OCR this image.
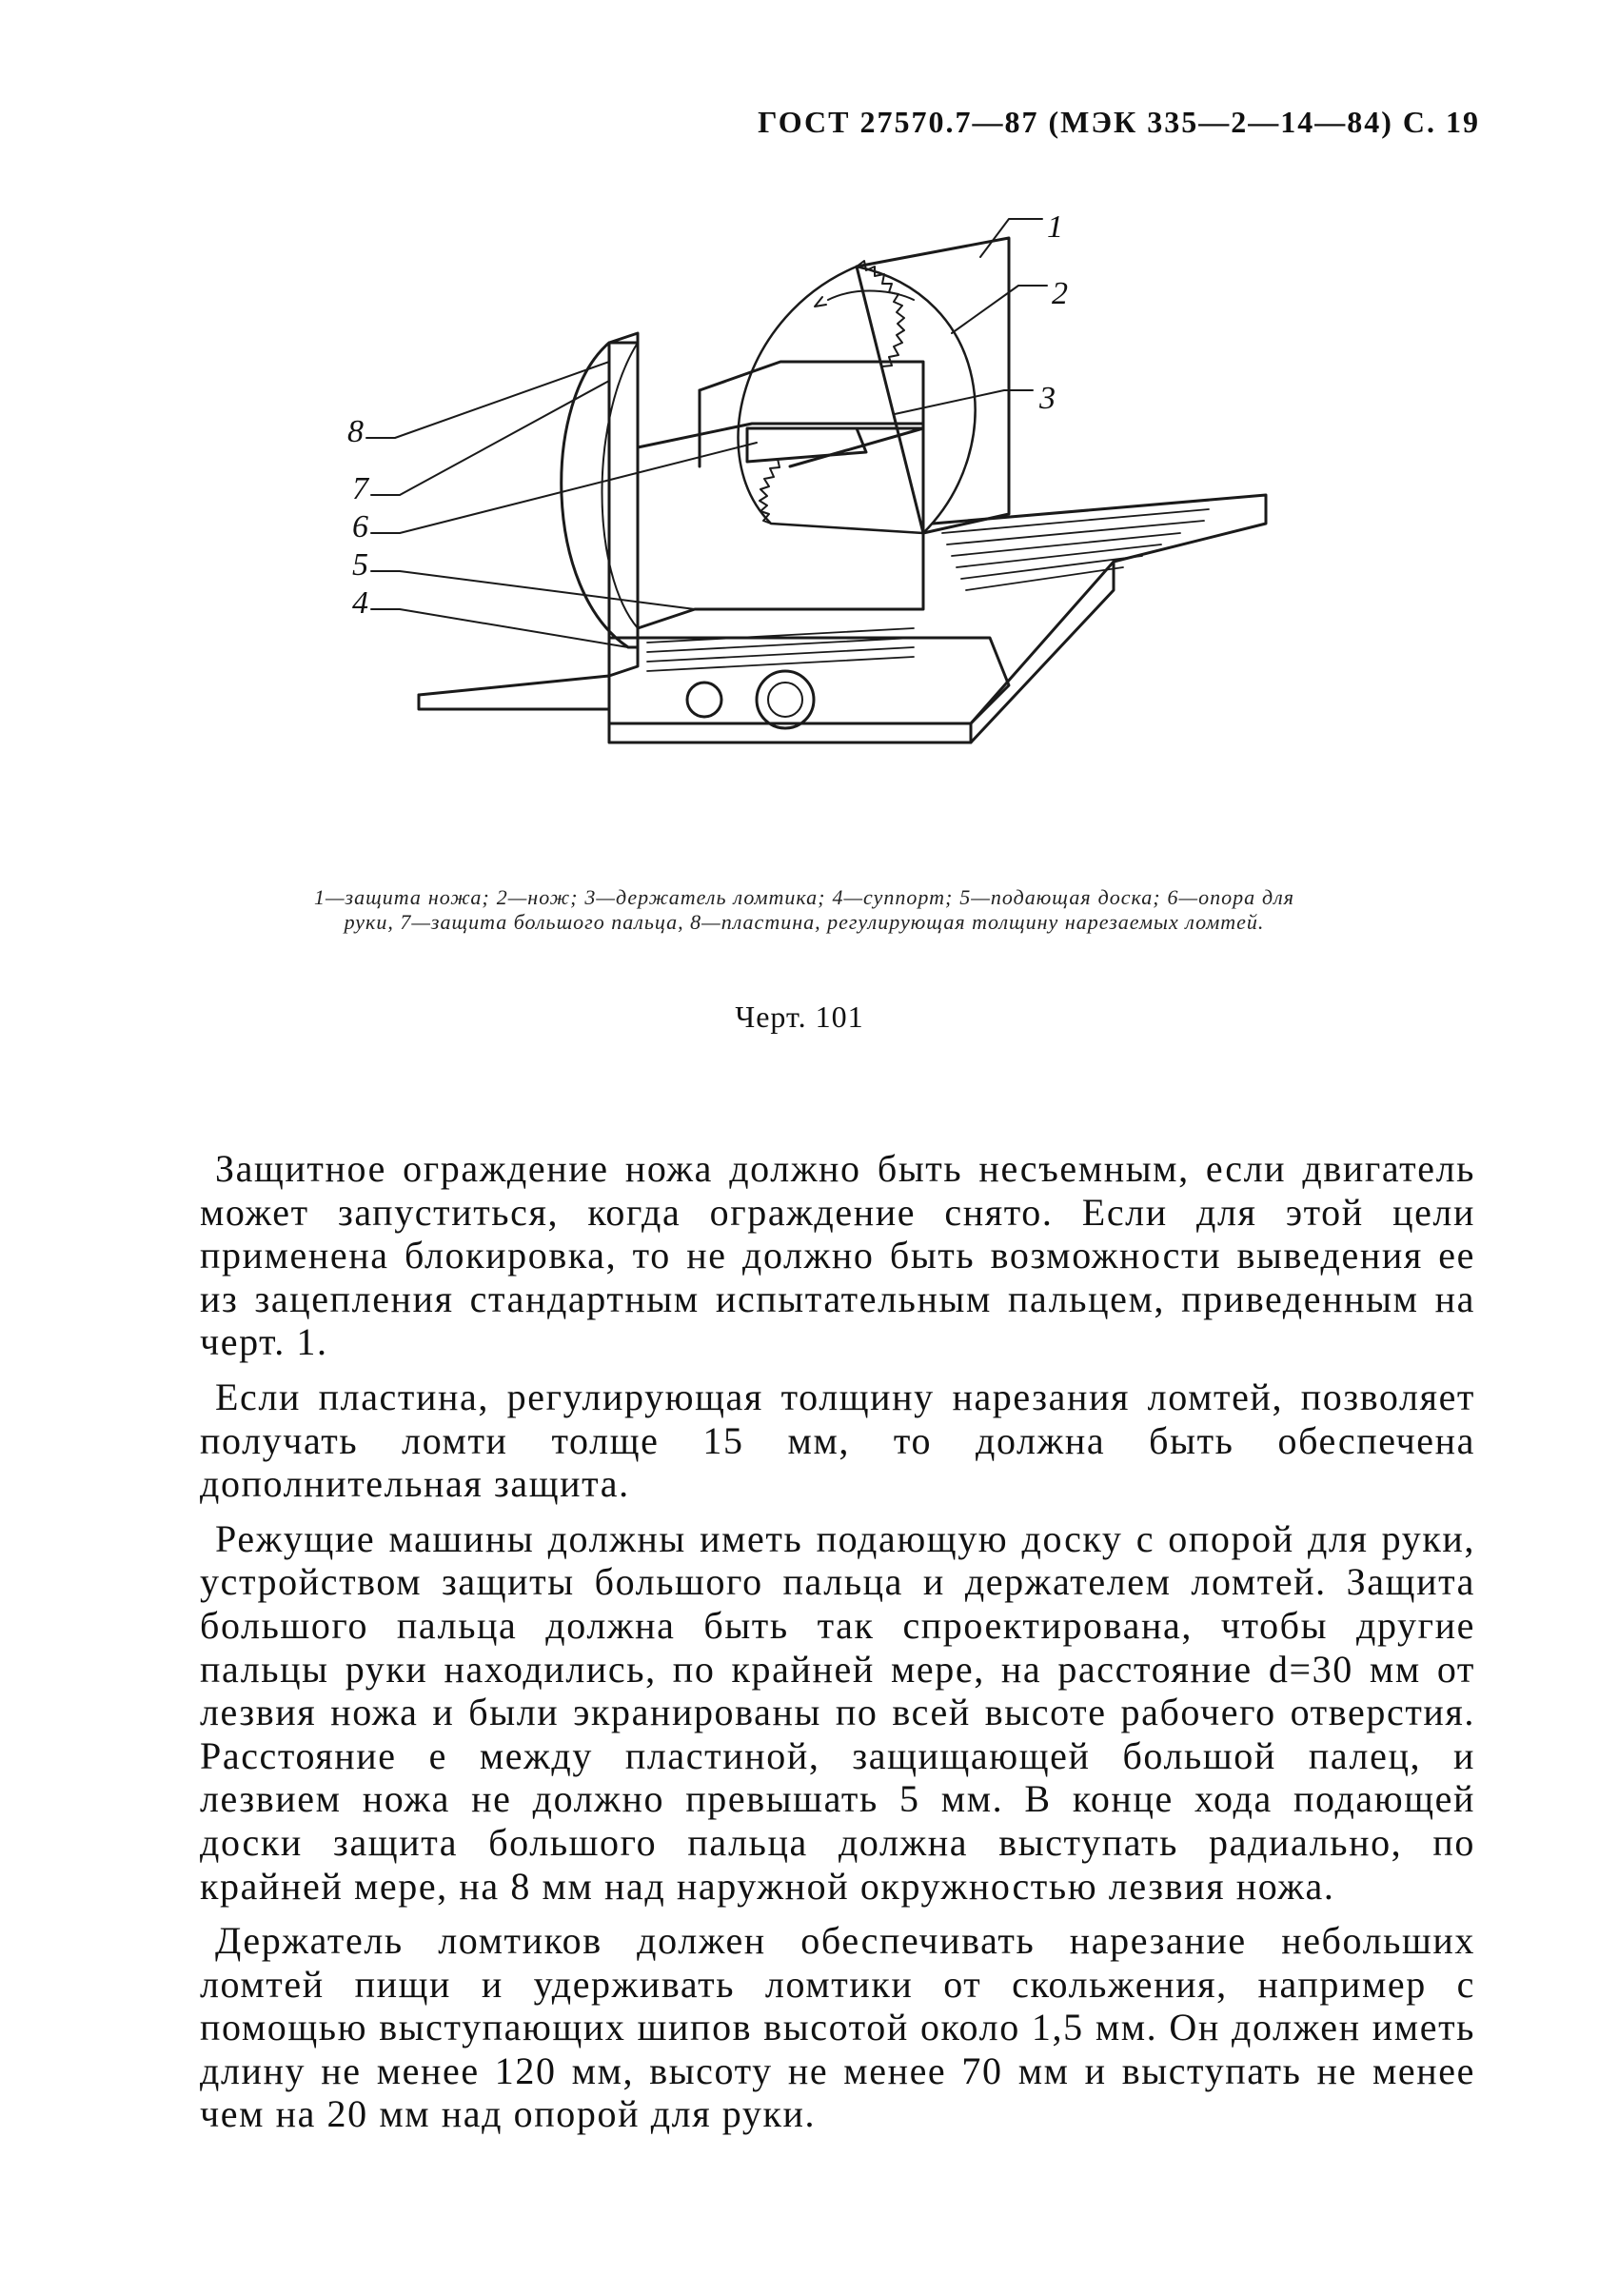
ГОСТ 27570.7—87 (МЭК 335—2—14—84) С. 19
1
2
3
4
5
6
7
8
1—защита ножа; 2—нож; 3—держатель ломтика; 4—суппорт; 5—подающая доска; 6—опора для руки, 7—защита большого пальца, 8—пластина, регулирующая толщину нарезаемых ломтей.
Черт. 101

Защитное ограждение ножа должно быть несъемным, если двигатель может запуститься, когда ограждение снято. Если для этой цели применена блокировка, то не должно быть возможности выведения ее из зацепления стандартным испытательным пальцем, приведенным на черт. 1.

Если пластина, регулирующая толщину нарезания ломтей, позволяет получать ломти толще 15 мм, то должна быть обеспечена дополнительная защита.

Режущие машины должны иметь подающую доску с опорой для руки, устройством защиты большого пальца и держателем ломтей. Защита большого пальца должна быть так спроектирована, чтобы другие пальцы руки находились, по крайней мере, на расстояние d=30 мм от лезвия ножа и были экранированы по всей высоте рабочего отверстия. Расстояние e между пластиной, защищающей большой палец, и лезвием ножа не должно превышать 5 мм. В конце хода подающей доски защита большого пальца должна выступать радиально, по крайней мере, на 8 мм над наружной окружностью лезвия ножа.

Держатель ломтиков должен обеспечивать нарезание небольших ломтей пищи и удерживать ломтики от скольжения, например с помощью выступающих шипов высотой около 1,5 мм. Он должен иметь длину не менее 120 мм, высоту не менее 70 мм и выступать не менее чем на 20 мм над опорой для руки.
